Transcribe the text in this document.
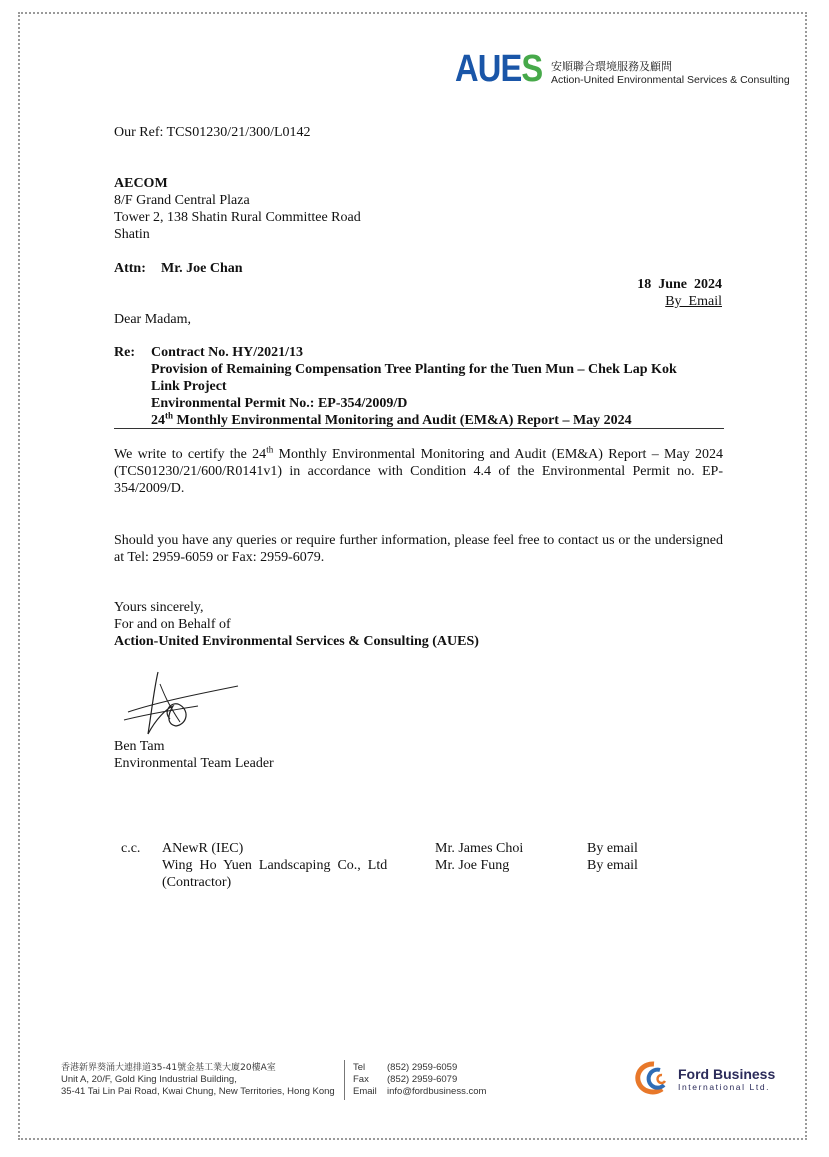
AUES 安順聯合環境服務及顧問
Action-United Environmental Services & Consulting
Our Ref: TCS01230/21/300/L0142
AECOM
8/F Grand Central Plaza
Tower 2, 138 Shatin Rural Committee Road
Shatin
Attn: Mr. Joe Chan
18  June  2024
By  Email
Dear Madam,
Re: Contract No. HY/2021/13
Provision of Remaining Compensation Tree Planting for the Tuen Mun – Chek Lap Kok
Link Project
Environmental Permit No.: EP-354/2009/D
24th Monthly Environmental Monitoring and Audit (EM&A) Report – May 2024
We write to certify the 24th Monthly Environmental Monitoring and Audit (EM&A) Report – May 2024 (TCS01230/21/600/R0141v1) in accordance with Condition 4.4 of the Environmental Permit no. EP-354/2009/D.
Should you have any queries or require further information, please feel free to contact us or the undersigned at Tel: 2959-6059 or Fax: 2959-6079.
Yours sincerely,
For and on Behalf of
Action-United Environmental Services & Consulting (AUES)
Ben Tam
Environmental Team Leader
c.c. ANewR (IEC)	Mr. James Choi	By email
Wing  Ho  Yuen  Landscaping  Co.,  Ltd	Mr. Joe Fung	By email
(Contractor)
香港新界葵涌大連排道35-41號金基工業大廈20樓A室
Unit A, 20/F, Gold King Industrial Building,
35-41 Tai Lin Pai Road, Kwai Chung, New Territories, Hong Kong
Tel (852) 2959-6059
Fax (852) 2959-6079
Email info@fordbusiness.com
Ford Business
International Ltd.
